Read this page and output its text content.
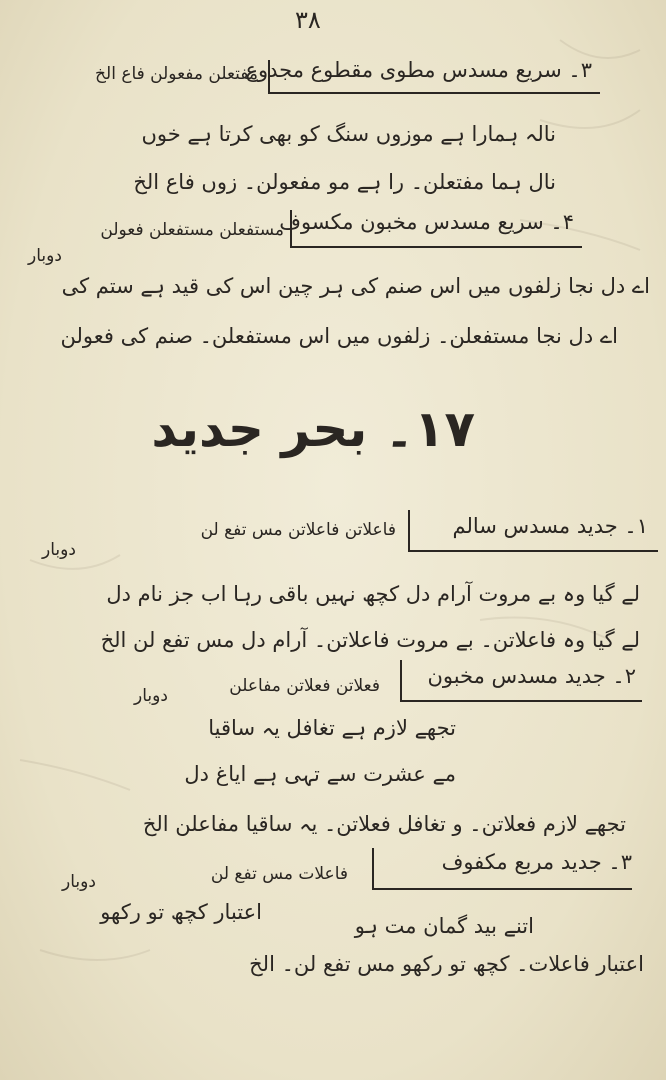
۳۸
۳۔ سریع مسدس مطوی مقطوع مجدوع
مفتعلن مفعولن فاع الخ
نالہ ہمارا ہے موزوں سنگ کو بھی کرتا ہے خوں
نال ہما مفتعلن۔ را ہے مو مفعولن۔ زوں فاع الخ
۴۔ سریع مسدس مخبون مکسوف
مستفعلن مستفعلن فعولن
دوبار
اے دل نجا زلفوں میں اس صنم کی ہر چین اس کی قید ہے ستم کی
اے دل نجا مستفعلن۔ زلفوں میں اس مستفعلن۔ صنم کی فعولن
۱۷۔ بحر جدید
۱۔ جدید مسدس سالم
فاعلاتن فاعلاتن مس تفع لن
دوبار
لے گیا وہ بے مروت آرام دل کچھ نہیں باقی رہا اب جز نام دل
لے گیا وہ فاعلاتن۔ بے مروت فاعلاتن۔ آرام دل مس تفع لن الخ
۲۔ جدید مسدس مخبون
فعلاتن فعلاتن مفاعلن
دوبار
تجھے لازم ہے تغافل یہ ساقیا
مے عشرت سے تہی ہے ایاغ دل
تجھے لازم فعلاتن۔ و تغافل فعلاتن۔ یہ ساقیا مفاعلن الخ
۳۔ جدید مربع مکفوف
فاعلات مس تفع لن
دوبار
اعتبار کچھ تو رکھو
اتنے بید گمان مت ہو
اعتبار فاعلات۔ کچھ تو رکھو مس تفع لن۔ الخ
